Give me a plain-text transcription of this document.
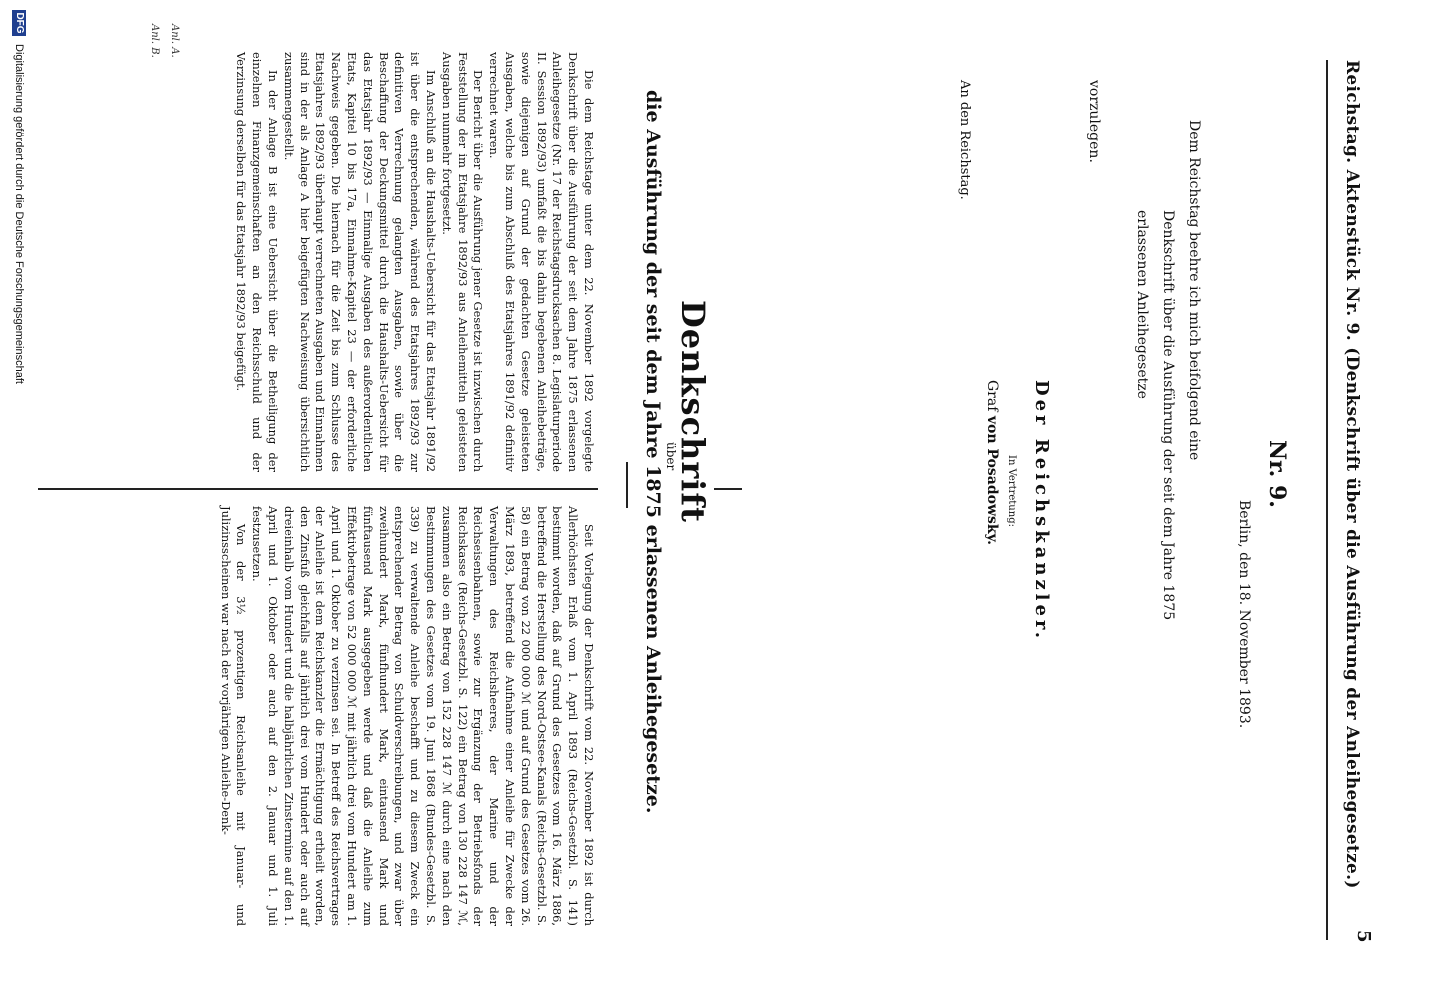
Reichstag. Aktenstück Nr. 9. (Denkschrift über die Ausführung der Anleihegesetze.)
5
Nr. 9.
Berlin, den 18. November 1893.
Dem Reichstag beehre ich mich beifolgend eine
Denkschrift über die Ausführung der seit dem Jahre 1875
erlassenen Anleihegesetze
vorzulegen.
Der Reichskanzler.
In Vertretung:
Graf von Posadowsky.
An den Reichstag.
Denkschrift
über
die Ausführung der seit dem Jahre 1875 erlassenen Anleihegesetze.

Die dem Reichstage unter dem 22. November 1892 vorgelegte Denkschrift über die Ausführung der seit dem Jahre 1875 erlassenen Anleihegesetze (Nr. 17 der Reichstagsdrucksachen 8. Legislaturperiode II. Session 1892/93) umfaßt die bis dahin begebenen Anleihebeträge, sowie diejenigen auf Grund der gedachten Gesetze geleisteten Ausgaben, welche bis zum Abschluß des Etatsjahres 1891/92 definitiv verrechnet waren.

Der Bericht über die Ausführung jener Gesetze ist inzwischen durch Feststellung der im Etatsjahre 1892/93 aus Anleihemitteln geleisteten Ausgaben nunmehr fortgesetzt.

Im Anschluß an die Haushalts-Uebersicht für das Etatsjahr 1891/92 ist über die entsprechenden, während des Etatsjahres 1892/93 zur definitiven Verrechnung gelangten Ausgaben, sowie über die Beschaffung der Deckungsmittel durch die Haushalts-Uebersicht für das Etatsjahr 1892/93 — Einmalige Ausgaben des außerordentlichen Etats, Kapitel 10 bis 17a, Einnahme-Kapitel 23 — der erforderliche Nachweis gegeben. Die hiernach für die Zeit bis zum Schlusse des Etatsjahres 1892/93 überhaupt verrechneten Ausgaben und Einnahmen sind in der als Anlage A hier beigefügten Nachweisung übersichtlich zusammengestellt.

In der Anlage B ist eine Uebersicht über die Betheiligung der einzelnen Finanzgemeinschaften an den Reichsschuld und der Verzinsung derselben für das Etatsjahr 1892/93 beigefügt.

Seit Vorlegung der Denkschrift vom 22. November 1892 ist durch Allerhöchsten Erlaß vom 1. April 1893 (Reichs-Gesetzbl. S. 141) bestimmt worden, daß auf Grund des Gesetzes vom 16. März 1886, betreffend die Herstellung des Nord-Ostsee-Kanals (Reichs-Gesetzbl. S. 58) ein Betrag von 22 000 000 ℳ und auf Grund des Gesetzes vom 26. März 1893, betreffend die Aufnahme einer Anleihe für Zwecke der Verwaltungen des Reichsheeres, der Marine und der Reichseisenbahnen, sowie zur Ergänzung der Betriebsfonds der Reichskasse (Reichs-Gesetzbl. S. 122) ein Betrag von 130 228 147 ℳ, zusammen also ein Betrag von 152 228 147 ℳ durch eine nach den Bestimmungen des Gesetzes vom 19. Juni 1868 (Bundes-Gesetzbl. S. 339) zu verwaltende Anleihe beschafft und zu diesem Zweck ein entsprechender Betrag von Schuldverschreibungen, und zwar über zweihundert Mark, fünfhundert Mark, eintausend Mark und fünftausend Mark ausgegeben werde und daß die Anleihe zum Effektivbetrage von 52 000 000 ℳ mit jährlich drei vom Hundert am 1. April und 1. Oktober zu verzinsen sei. In Betreff des Reichsvertrages der Anleihe ist dem Reichskanzler die Ermächtigung ertheilt worden, den Zinsfuß gleichfalls auf jährlich drei vom Hundert oder auch auf dreieinhalb vom Hundert und die halbjährlichen Zinstermine auf den 1. April und 1. Oktober oder auch auf den 2. Januar und 1. Juli festzusetzen.

Von der 3½ prozentigen Reichsanleihe mit Januar- und Julizinsscheinen war nach der vorjährigen Anleihe-Denk-

Anl. A.
Anl. B.
DFG
Digitalisierung gefördert durch die Deutsche Forschungsgemeinschaft
